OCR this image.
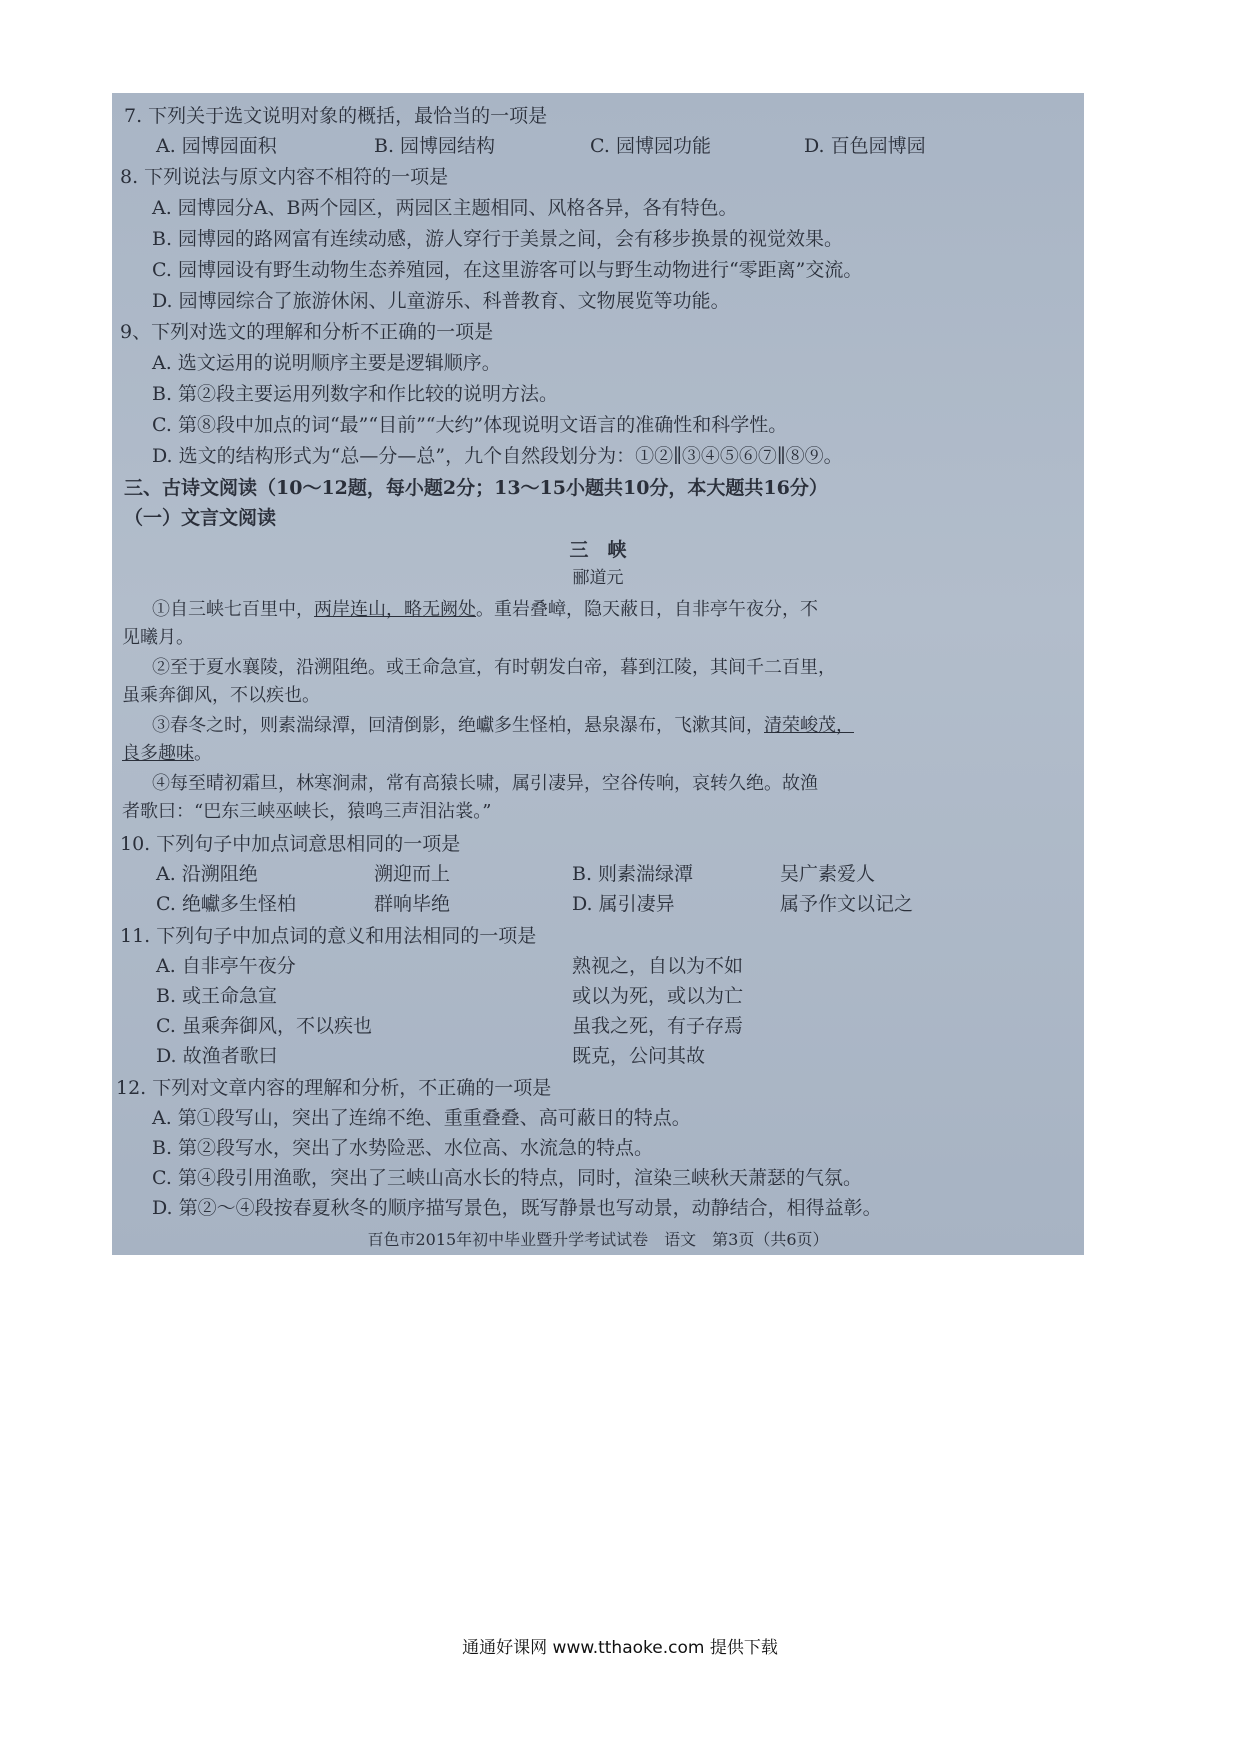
7. 下列关于选文说明对象的概括，最恰当的一项是
A. 园博园面积	B. 园博园结构	C. 园博园功能	D. 百色园博园
8. 下列说法与原文内容不相符的一项是
A. 园博园分A、B两个园区，两园区主题相同、风格各异，各有特色。
B. 园博园的路网富有连续动感，游人穿行于美景之间，会有移步换景的视觉效果。
C. 园博园设有野生动物生态养殖园，在这里游客可以与野生动物进行“零距离”交流。
D. 园博园综合了旅游休闲、儿童游乐、科普教育、文物展览等功能。
9、下列对选文的理解和分析不正确的一项是
A. 选文运用的说明顺序主要是逻辑顺序。
B. 第②段主要运用列数字和作比较的说明方法。
C. 第⑧段中加点的词“最”“目前”“大约”体现说明文语言的准确性和科学性。
D. 选文的结构形式为“总—分—总”，九个自然段划分为：①②∥③④⑤⑥⑦∥⑧⑨。
三、古诗文阅读（10～12题，每小题2分；13～15小题共10分，本大题共16分）
（一）文言文阅读
三　峡
郦道元
①自三峡七百里中，两岸连山，略无阙处。重岩叠嶂，隐天蔽日，自非亭午夜分，不
见曦月。
②至于夏水襄陵，沿溯阻绝。或王命急宣，有时朝发白帝，暮到江陵，其间千二百里，
虽乘奔御风，不以疾也。
③春冬之时，则素湍绿潭，回清倒影，绝巘多生怪柏，悬泉瀑布，飞漱其间，清荣峻茂，
良多趣味。
④每至晴初霜旦，林寒涧肃，常有高猿长啸，属引凄异，空谷传响，哀转久绝。故渔
者歌曰：“巴东三峡巫峡长，猿鸣三声泪沾裳。”
10. 下列句子中加点词意思相同的一项是
A. 沿溯阻绝	溯迎而上	B. 则素湍绿潭	吴广素爱人
C. 绝巘多生怪柏	群响毕绝	D. 属引凄异	属予作文以记之
11. 下列句子中加点词的意义和用法相同的一项是
A. 自非亭午夜分	熟视之，自以为不如
B. 或王命急宣	或以为死，或以为亡
C. 虽乘奔御风，不以疾也	虽我之死，有子存焉
D. 故渔者歌曰	既克，公问其故
12. 下列对文章内容的理解和分析，不正确的一项是
A. 第①段写山，突出了连绵不绝、重重叠叠、高可蔽日的特点。
B. 第②段写水，突出了水势险恶、水位高、水流急的特点。
C. 第④段引用渔歌，突出了三峡山高水长的特点，同时，渲染三峡秋天萧瑟的气氛。
D. 第②～④段按春夏秋冬的顺序描写景色，既写静景也写动景，动静结合，相得益彰。
百色市2015年初中毕业暨升学考试试卷　语文　第3页（共6页）
通通好课网 www.tthaoke.com 提供下载
